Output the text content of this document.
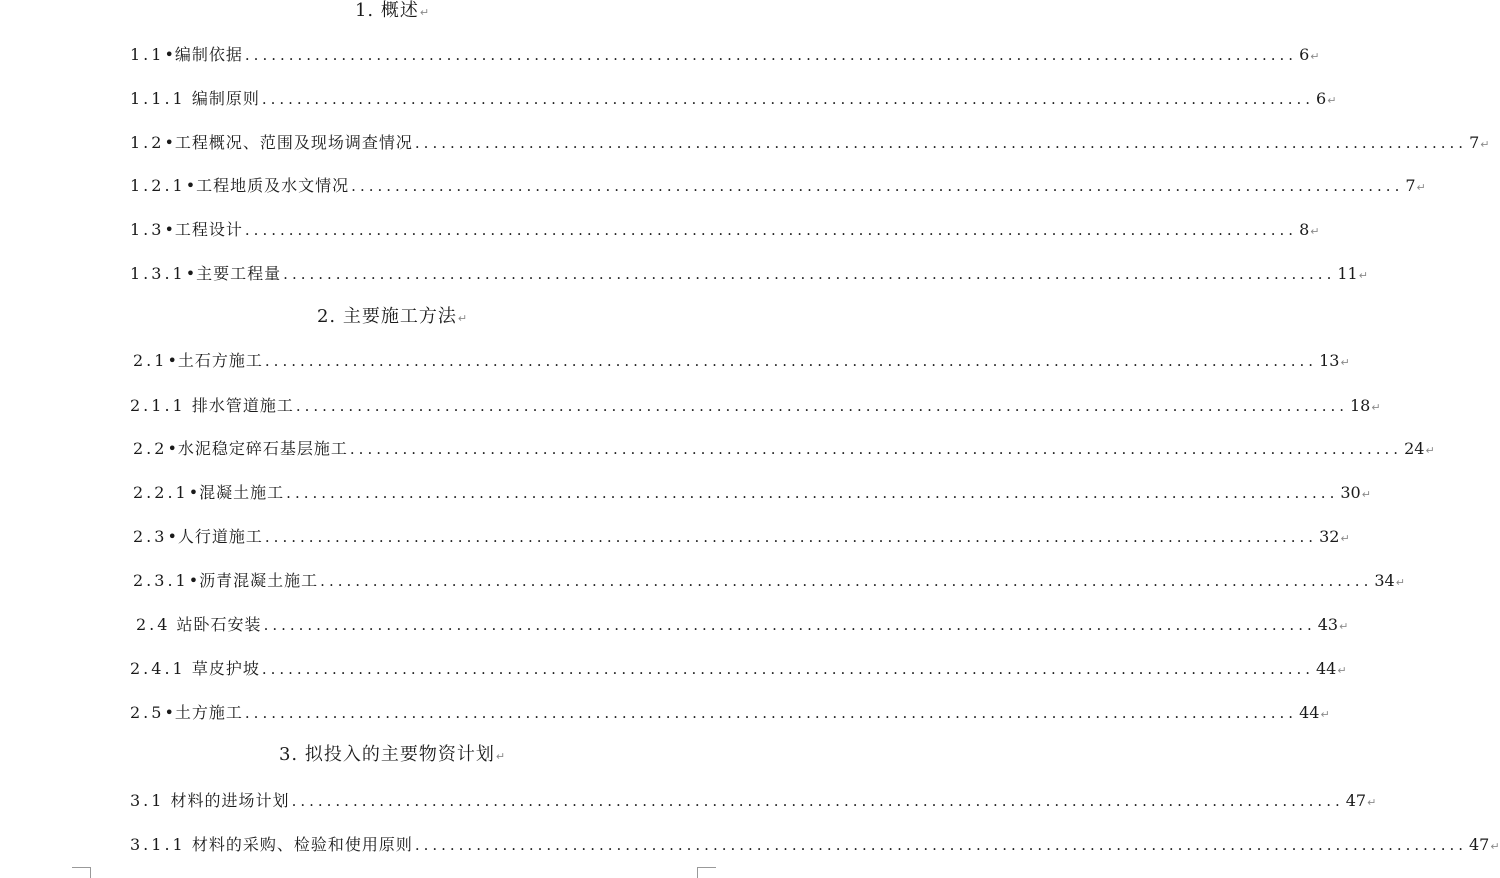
1. 概述↵
1.1•编制依据 ........................................................................................................................ 6 ↵
1.1.1 编制原则 ........................................................................................................................ 6 ↵
1.2•工程概况、范围及现场调查情况 ........................................................................................................................ 7 ↵
1.2.1•工程地质及水文情况 ........................................................................................................................ 7 ↵
1.3•工程设计 ........................................................................................................................ 8 ↵
1.3.1•主要工程量 ........................................................................................................................ 11 ↵
2. 主要施工方法↵
2.1•土石方施工 ........................................................................................................................ 13 ↵
2.1.1 排水管道施工 ........................................................................................................................ 18 ↵
2.2•水泥稳定碎石基层施工 ........................................................................................................................ 24 ↵
2.2.1•混凝土施工 ........................................................................................................................ 30 ↵
2.3•人行道施工 ........................................................................................................................ 32 ↵
2.3.1•沥青混凝土施工 ........................................................................................................................ 34 ↵
2.4 站卧石安装 ........................................................................................................................ 43 ↵
2.4.1 草皮护坡 ........................................................................................................................ 44 ↵
2.5•土方施工 ........................................................................................................................ 44 ↵
3. 拟投入的主要物资计划↵
3.1 材料的进场计划 ........................................................................................................................ 47 ↵
3.1.1 材料的采购、检验和使用原则 ........................................................................................................................ 47 ↵
